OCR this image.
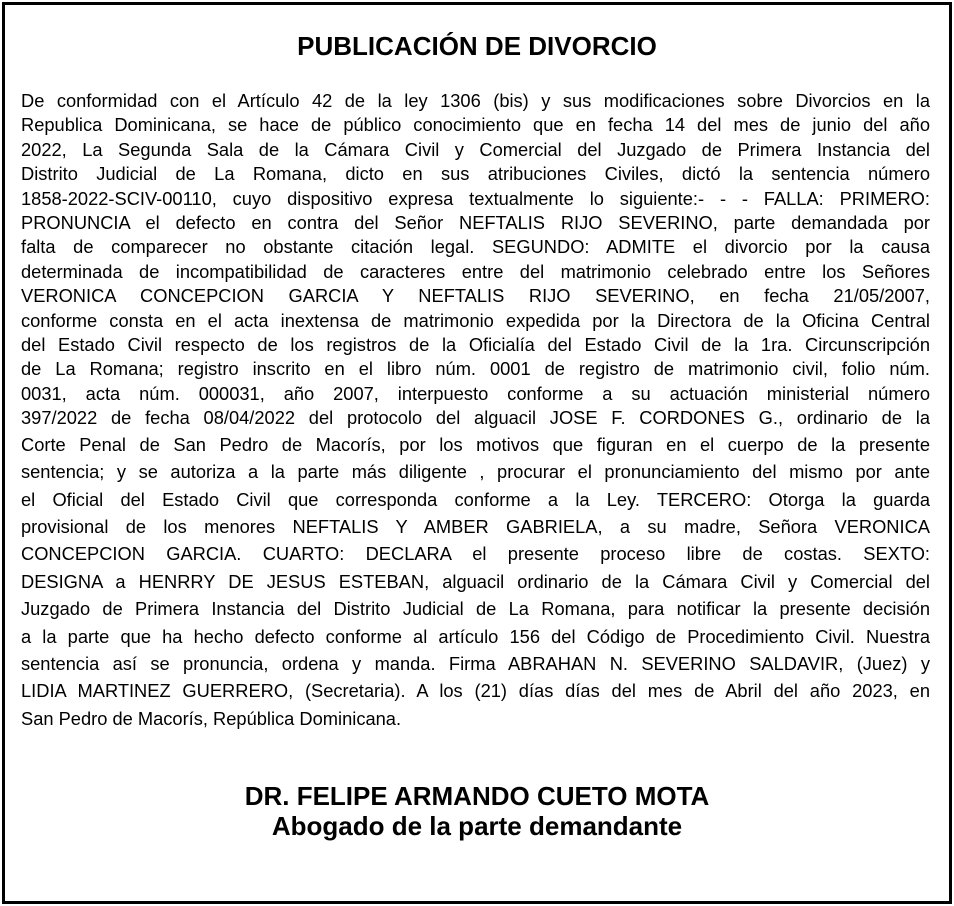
PUBLICACIÓN DE DIVORCIO
De conformidad con el Artículo 42 de la ley 1306 (bis) y sus modificaciones sobre Divorcios en la
Republica Dominicana, se hace de público conocimiento que en fecha 14 del mes de junio del año
2022, La Segunda Sala de la Cámara Civil y Comercial del Juzgado de Primera Instancia del
Distrito Judicial de La Romana, dicto en sus atribuciones Civiles, dictó la sentencia número
1858-2022-SCIV-00110, cuyo dispositivo expresa textualmente lo siguiente:- - - FALLA: PRIMERO:
PRONUNCIA el defecto en contra del Señor NEFTALIS RIJO SEVERINO, parte demandada por
falta de comparecer no obstante citación legal. SEGUNDO: ADMITE el divorcio por la causa
determinada de incompatibilidad de caracteres entre del matrimonio celebrado entre los Señores
VERONICA CONCEPCION GARCIA Y NEFTALIS RIJO SEVERINO, en fecha 21/05/2007,
conforme consta en el acta inextensa de matrimonio expedida por la Directora de la Oficina Central
del Estado Civil respecto de los registros de la Oficialía del Estado Civil de la 1ra. Circunscripción
de La Romana; registro inscrito en el libro núm. 0001 de registro de matrimonio civil, folio núm.
0031, acta núm. 000031, año 2007, interpuesto conforme a su actuación ministerial número
397/2022 de fecha 08/04/2022 del protocolo del alguacil JOSE F. CORDONES G., ordinario de la
Corte Penal de San Pedro de Macorís, por los motivos que figuran en el cuerpo de la presente
sentencia; y se autoriza a la parte más diligente , procurar el pronunciamiento del mismo por ante
el Oficial del Estado Civil que corresponda conforme a la Ley. TERCERO: Otorga la guarda
provisional de los menores NEFTALIS Y AMBER GABRIELA, a su madre, Señora VERONICA
CONCEPCION GARCIA. CUARTO: DECLARA el presente proceso libre de costas. SEXTO:
DESIGNA a HENRRY DE JESUS ESTEBAN, alguacil ordinario de la Cámara Civil y Comercial del
Juzgado de Primera Instancia del Distrito Judicial de La Romana, para notificar la presente decisión
a la parte que ha hecho defecto conforme al artículo 156 del Código de Procedimiento Civil. Nuestra
sentencia así se pronuncia, ordena y manda. Firma ABRAHAN N. SEVERINO SALDAVIR, (Juez) y
LIDIA MARTINEZ GUERRERO, (Secretaria). A los (21) días días del mes de Abril del año 2023, en
San Pedro de Macorís, República Dominicana.
DR. FELIPE ARMANDO CUETO MOTA
Abogado de la parte demandante
